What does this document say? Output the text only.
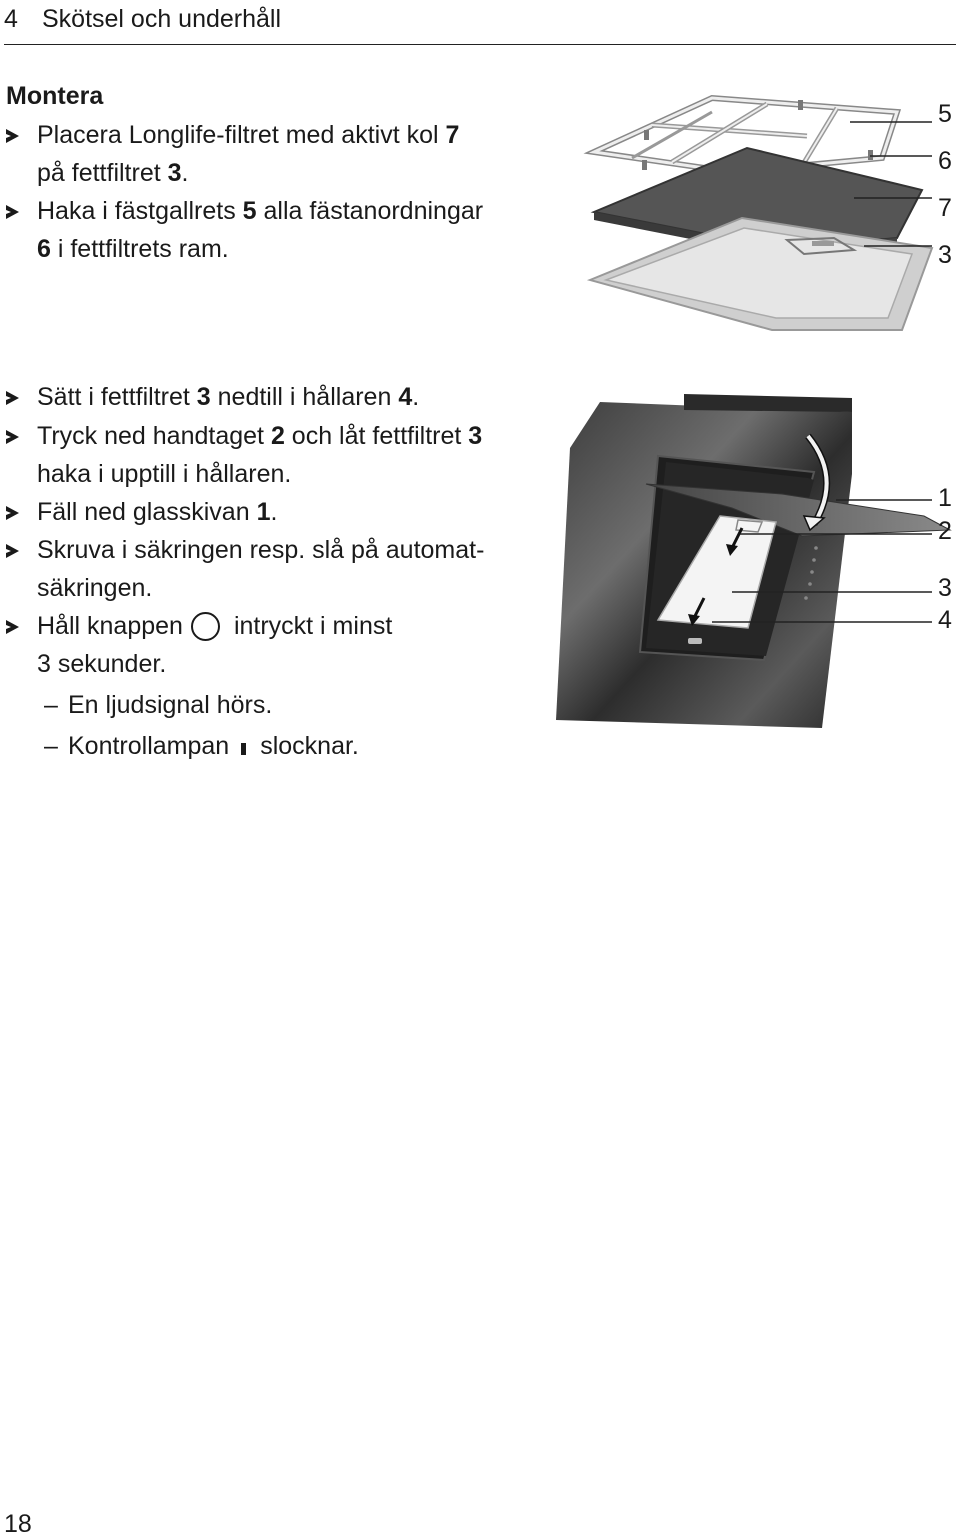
4 Skötsel och underhåll
Montera
Placera Longlife-filtret med aktivt kol 7
på fettfiltret 3.
Haka i fästgallrets 5 alla fästanordningar
6 i fettfiltrets ram.
5
6
7
3
Sätt i fettfiltret 3 nedtill i hållaren 4.
Tryck ned handtaget 2 och låt fettfiltret 3
haka i upptill i hållaren.
Fäll ned glasskivan 1.
Skruva i säkringen resp. slå på automat-
säkringen.
Håll knappen intryckt i minst
3 sekunder.
– En ljudsignal hörs.
– Kontrollampan slocknar.
1
2
3
4
18
